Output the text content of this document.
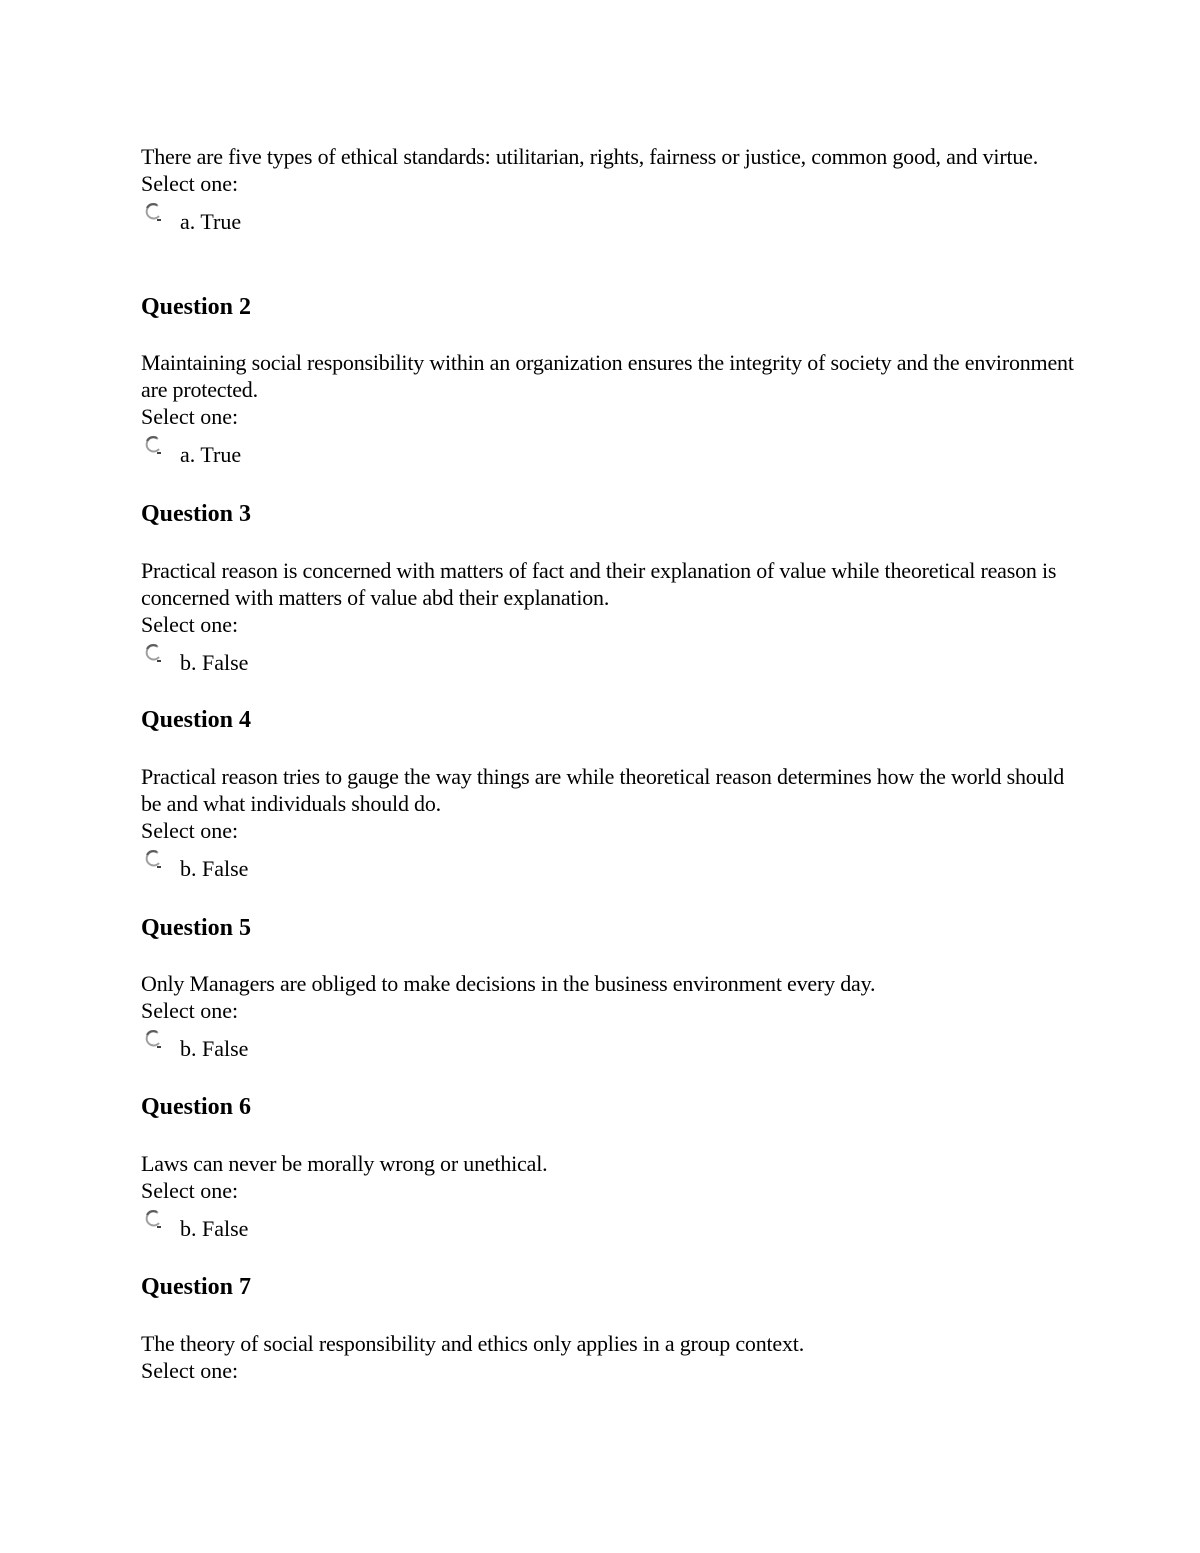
There are five types of ethical standards: utilitarian, rights, fairness or justice, common good, and virtue.

Select one:

a. True
Question 2

Maintaining social responsibility within an organization ensures the integrity of society and the environment are protected.

Select one:

a. True
Question 3

Practical reason is concerned with matters of fact and their explanation of value while theoretical reason is concerned with matters of value abd their explanation.

Select one:

b. False
Question 4

Practical reason tries to gauge the way things are while theoretical reason determines how the world should be and what individuals should do.

Select one:

b. False
Question 5

Only Managers are obliged to make decisions in the business environment every day.

Select one:

b. False
Question 6

Laws can never be morally wrong or unethical.

Select one:

b. False
Question 7

The theory of social responsibility and ethics only applies in a group context.

Select one:
